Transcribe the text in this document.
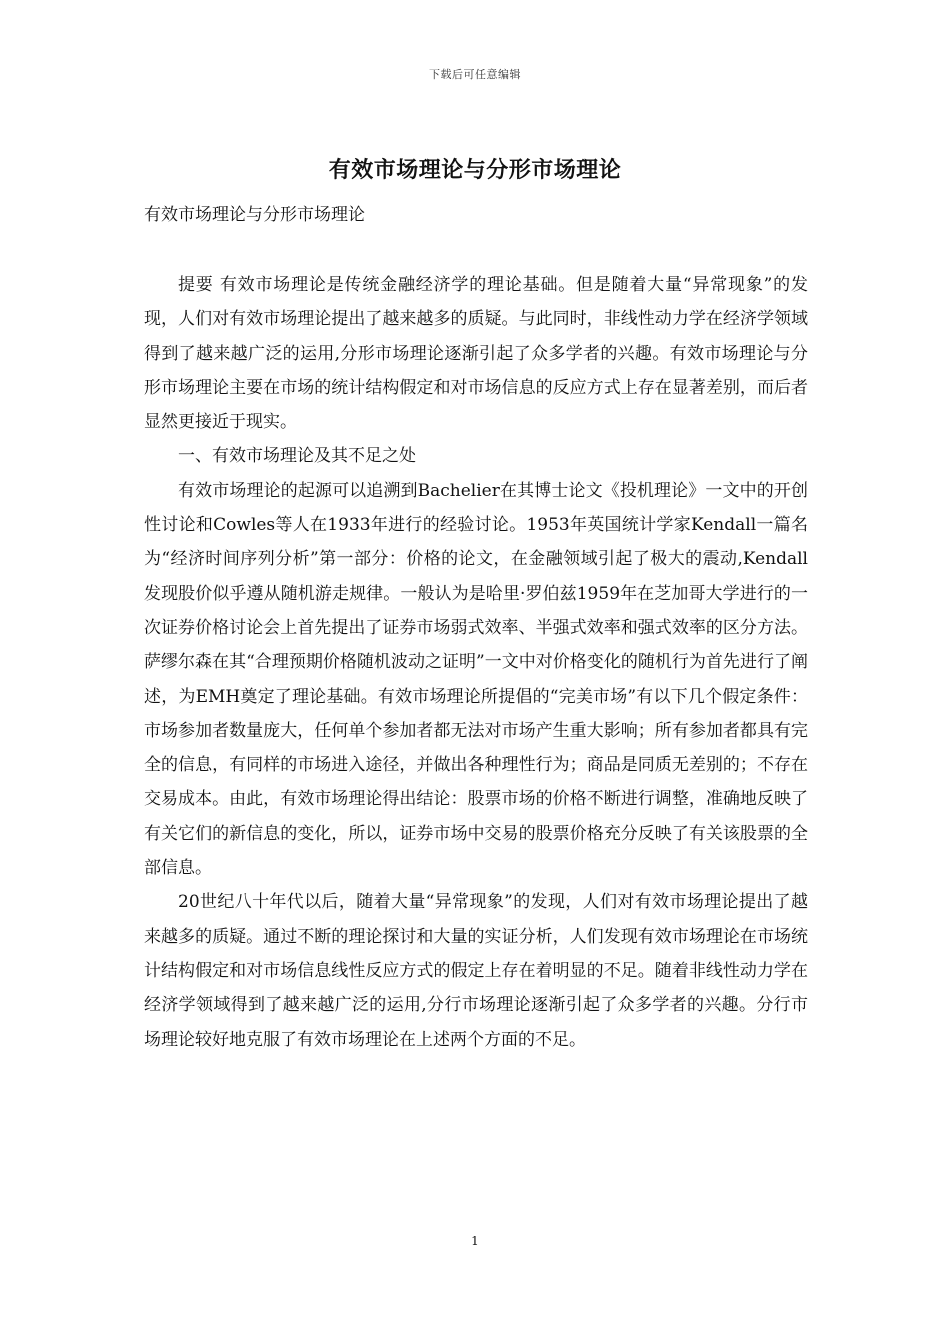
下载后可任意编辑
有效市场理论与分形市场理论

有效市场理论与分形市场理论

提要 有效市场理论是传统金融经济学的理论基础。但是随着大量“异常现象”的发现，人们对有效市场理论提出了越来越多的质疑。与此同时，非线性动力学在经济学领域得到了越来越广泛的运用,分形市场理论逐渐引起了众多学者的兴趣。有效市场理论与分形市场理论主要在市场的统计结构假定和对市场信息的反应方式上存在显著差别，而后者显然更接近于现实。

一、有效市场理论及其不足之处

有效市场理论的起源可以追溯到Bachelier在其博士论文《投机理论》一文中的开创性讨论和Cowles等人在1933年进行的经验讨论。1953年英国统计学家Kendall一篇名为“经济时间序列分析”第一部分：价格的论文，在金融领域引起了极大的震动,Kendall发现股价似乎遵从随机游走规律。一般认为是哈里·罗伯兹1959年在芝加哥大学进行的一次证券价格讨论会上首先提出了证券市场弱式效率、半强式效率和强式效率的区分方法。萨缪尔森在其“合理预期价格随机波动之证明”一文中对价格变化的随机行为首先进行了阐述，为EMH奠定了理论基础。有效市场理论所提倡的“完美市场”有以下几个假定条件：市场参加者数量庞大，任何单个参加者都无法对市场产生重大影响；所有参加者都具有完全的信息，有同样的市场进入途径，并做出各种理性行为；商品是同质无差别的；不存在交易成本。由此，有效市场理论得出结论：股票市场的价格不断进行调整，准确地反映了有关它们的新信息的变化，所以，证券市场中交易的股票价格充分反映了有关该股票的全部信息。

20世纪八十年代以后，随着大量“异常现象”的发现，人们对有效市场理论提出了越来越多的质疑。通过不断的理论探讨和大量的实证分析，人们发现有效市场理论在市场统计结构假定和对市场信息线性反应方式的假定上存在着明显的不足。随着非线性动力学在经济学领域得到了越来越广泛的运用,分行市场理论逐渐引起了众多学者的兴趣。分行市场理论较好地克服了有效市场理论在上述两个方面的不足。

1
